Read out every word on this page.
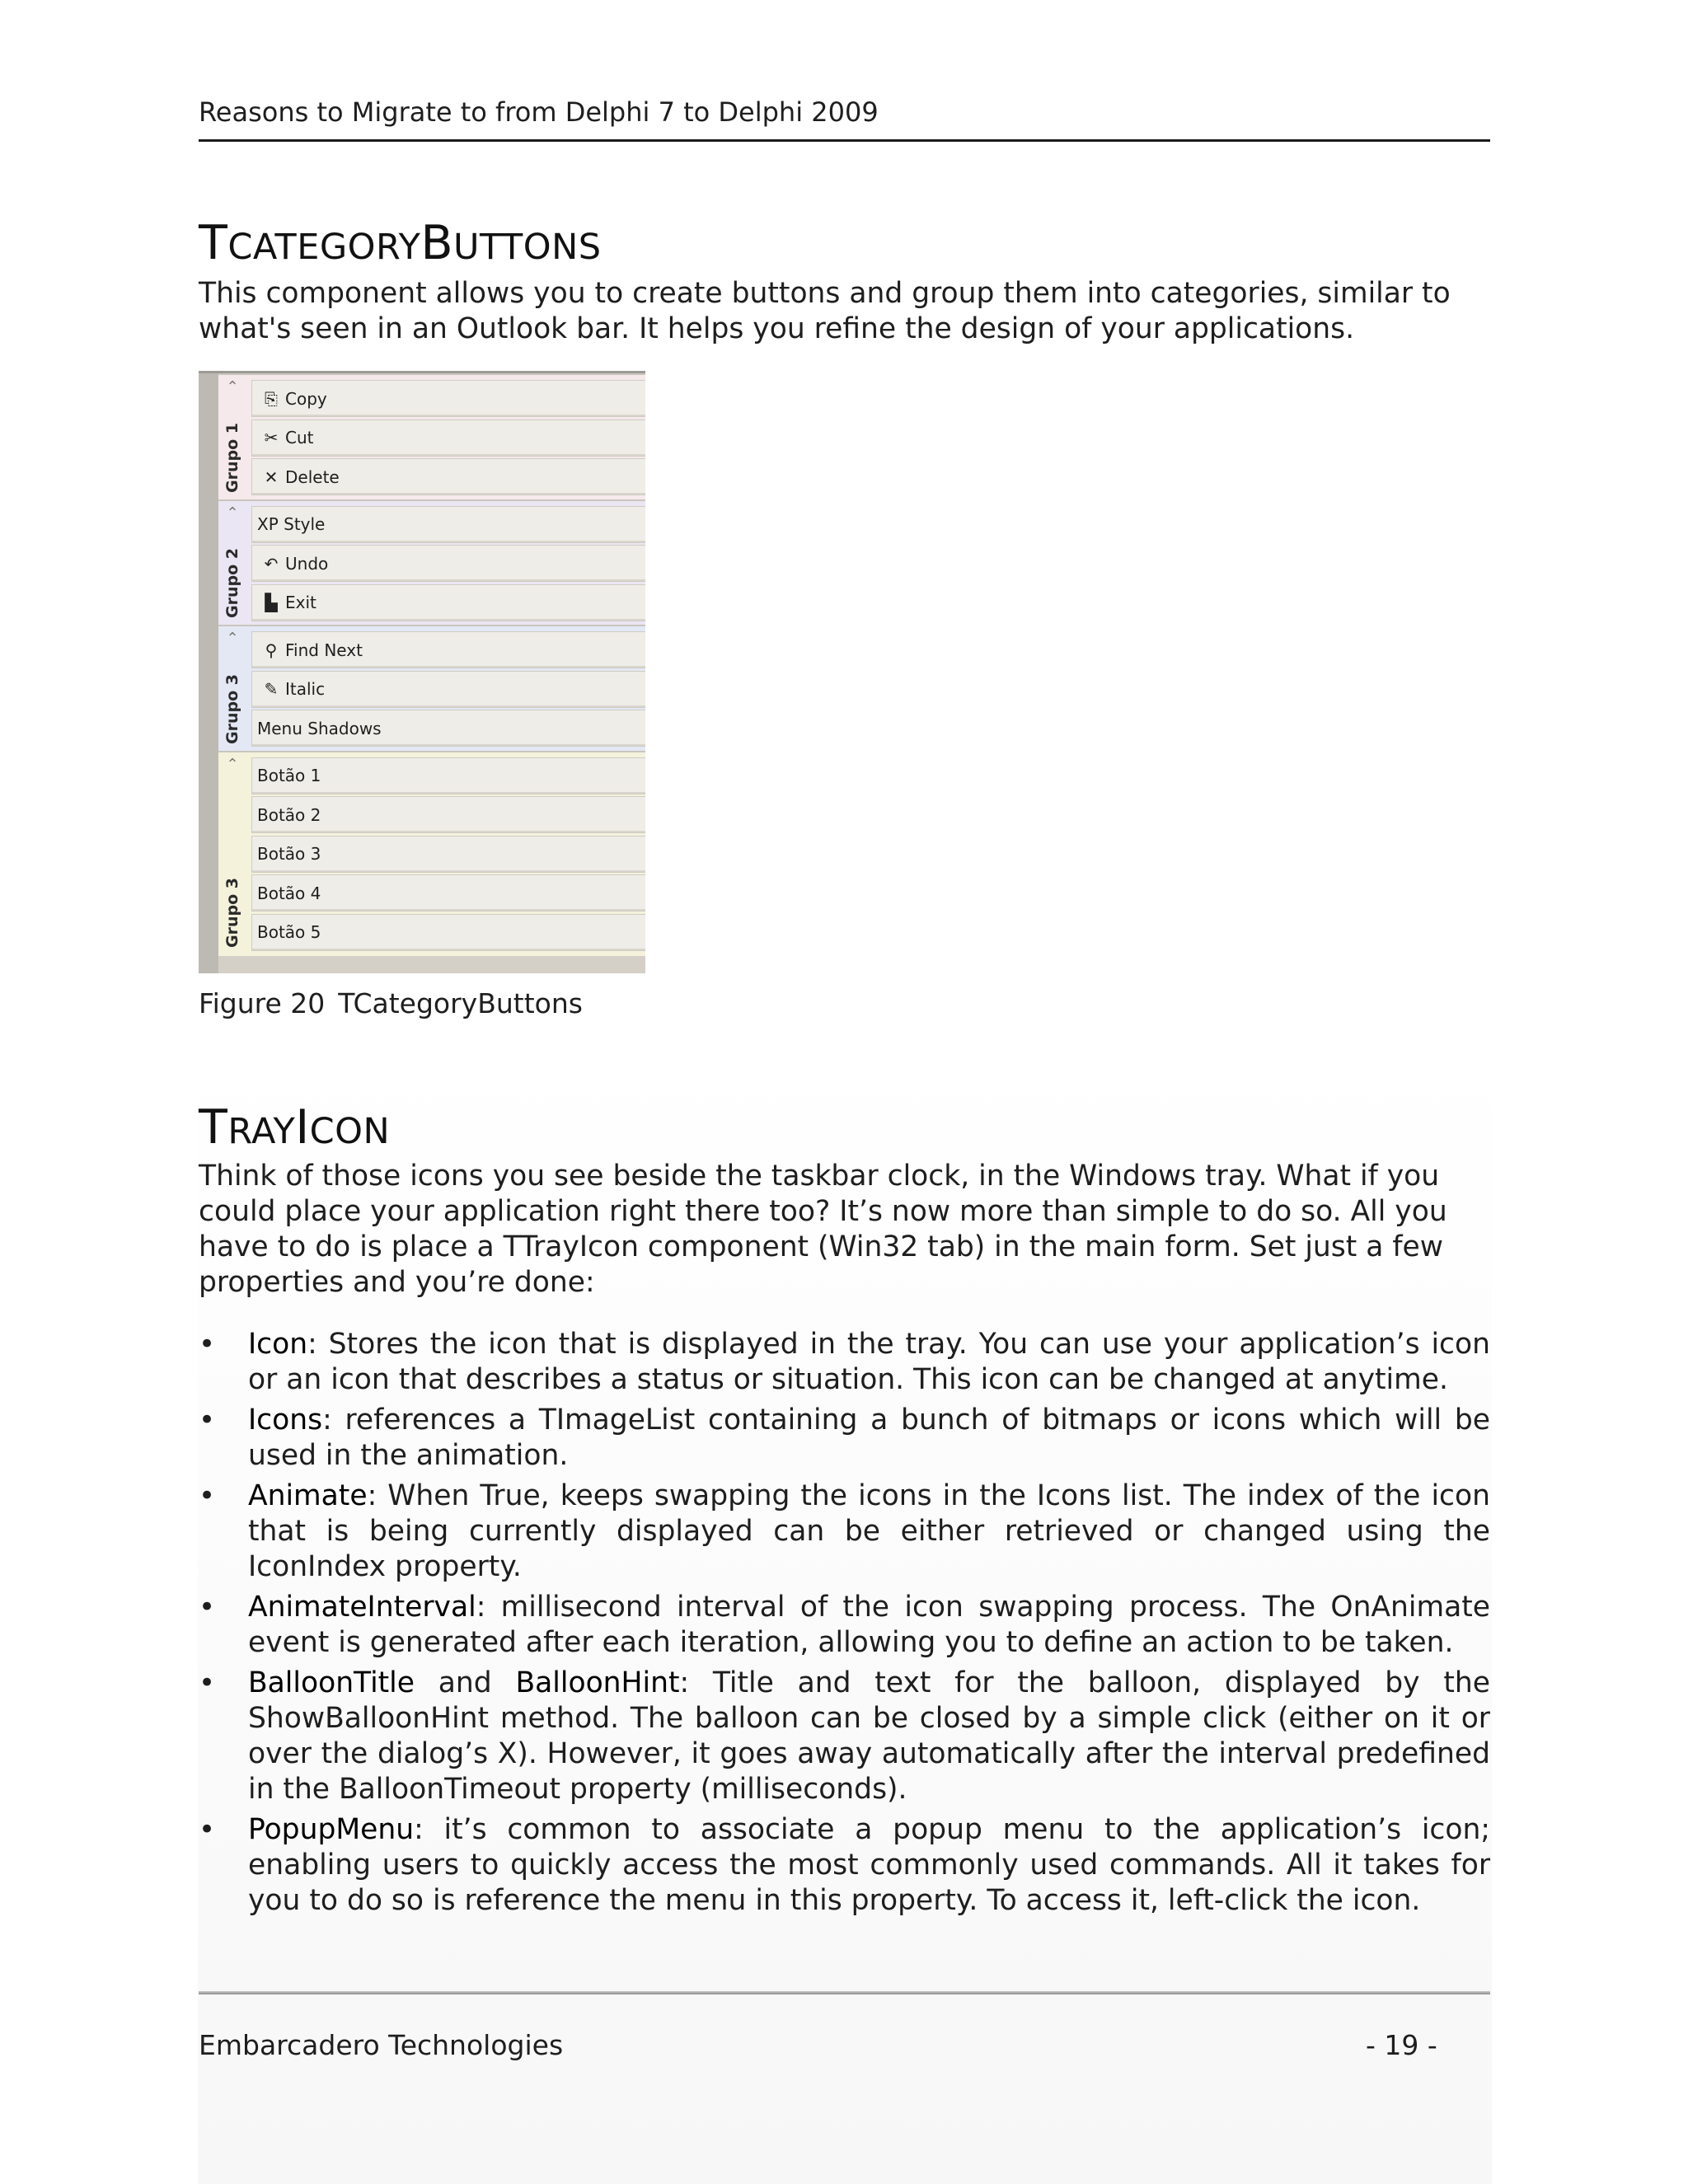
Reasons to Migrate to from Delphi 7 to Delphi 2009
TCATEGORYBUTTONS

This component allows you to create buttons and group them into categories, similar to what's seen in an Outlook bar. It helps you refine the design of your applications.

⌃
Grupo 1
⎘ Copy
✂ Cut
✕ Delete
⌃
Grupo 2
XP Style
↶ Undo
▙ Exit
⌃
Grupo 3
⚲ Find Next
✎ Italic
Menu Shadows
⌃
Grupo 3
Botão 1
Botão 2
Botão 3
Botão 4
Botão 5
Figure 20 TCategoryButtons
TRAYICON

Think of those icons you see beside the taskbar clock, in the Windows tray. What if you could place your application right there too? It’s now more than simple to do so. All you have to do is place a TTrayIcon component (Win32 tab) in the main form. Set just a few properties and you’re done:

• Icon: Stores the icon that is displayed in the tray. You can use your application’s icon or an icon that describes a status or situation. This icon can be changed at anytime.
• Icons: references a TImageList containing a bunch of bitmaps or icons which will be used in the animation.
• Animate: When True, keeps swapping the icons in the Icons list. The index of the icon that is being currently displayed can be either retrieved or changed using the IconIndex property.
• AnimateInterval: millisecond interval of the icon swapping process. The OnAnimate event is generated after each iteration, allowing you to define an action to be taken.
• BalloonTitle and BalloonHint: Title and text for the balloon, displayed by the ShowBalloonHint method. The balloon can be closed by a simple click (either on it or over the dialog’s X). However, it goes away automatically after the interval predefined in the BalloonTimeout property (milliseconds).
• PopupMenu: it’s common to associate a popup menu to the application’s icon; enabling users to quickly access the most commonly used commands. All it takes for you to do so is reference the menu in this property. To access it, left-click the icon.
Embarcadero Technologies	- 19 -
